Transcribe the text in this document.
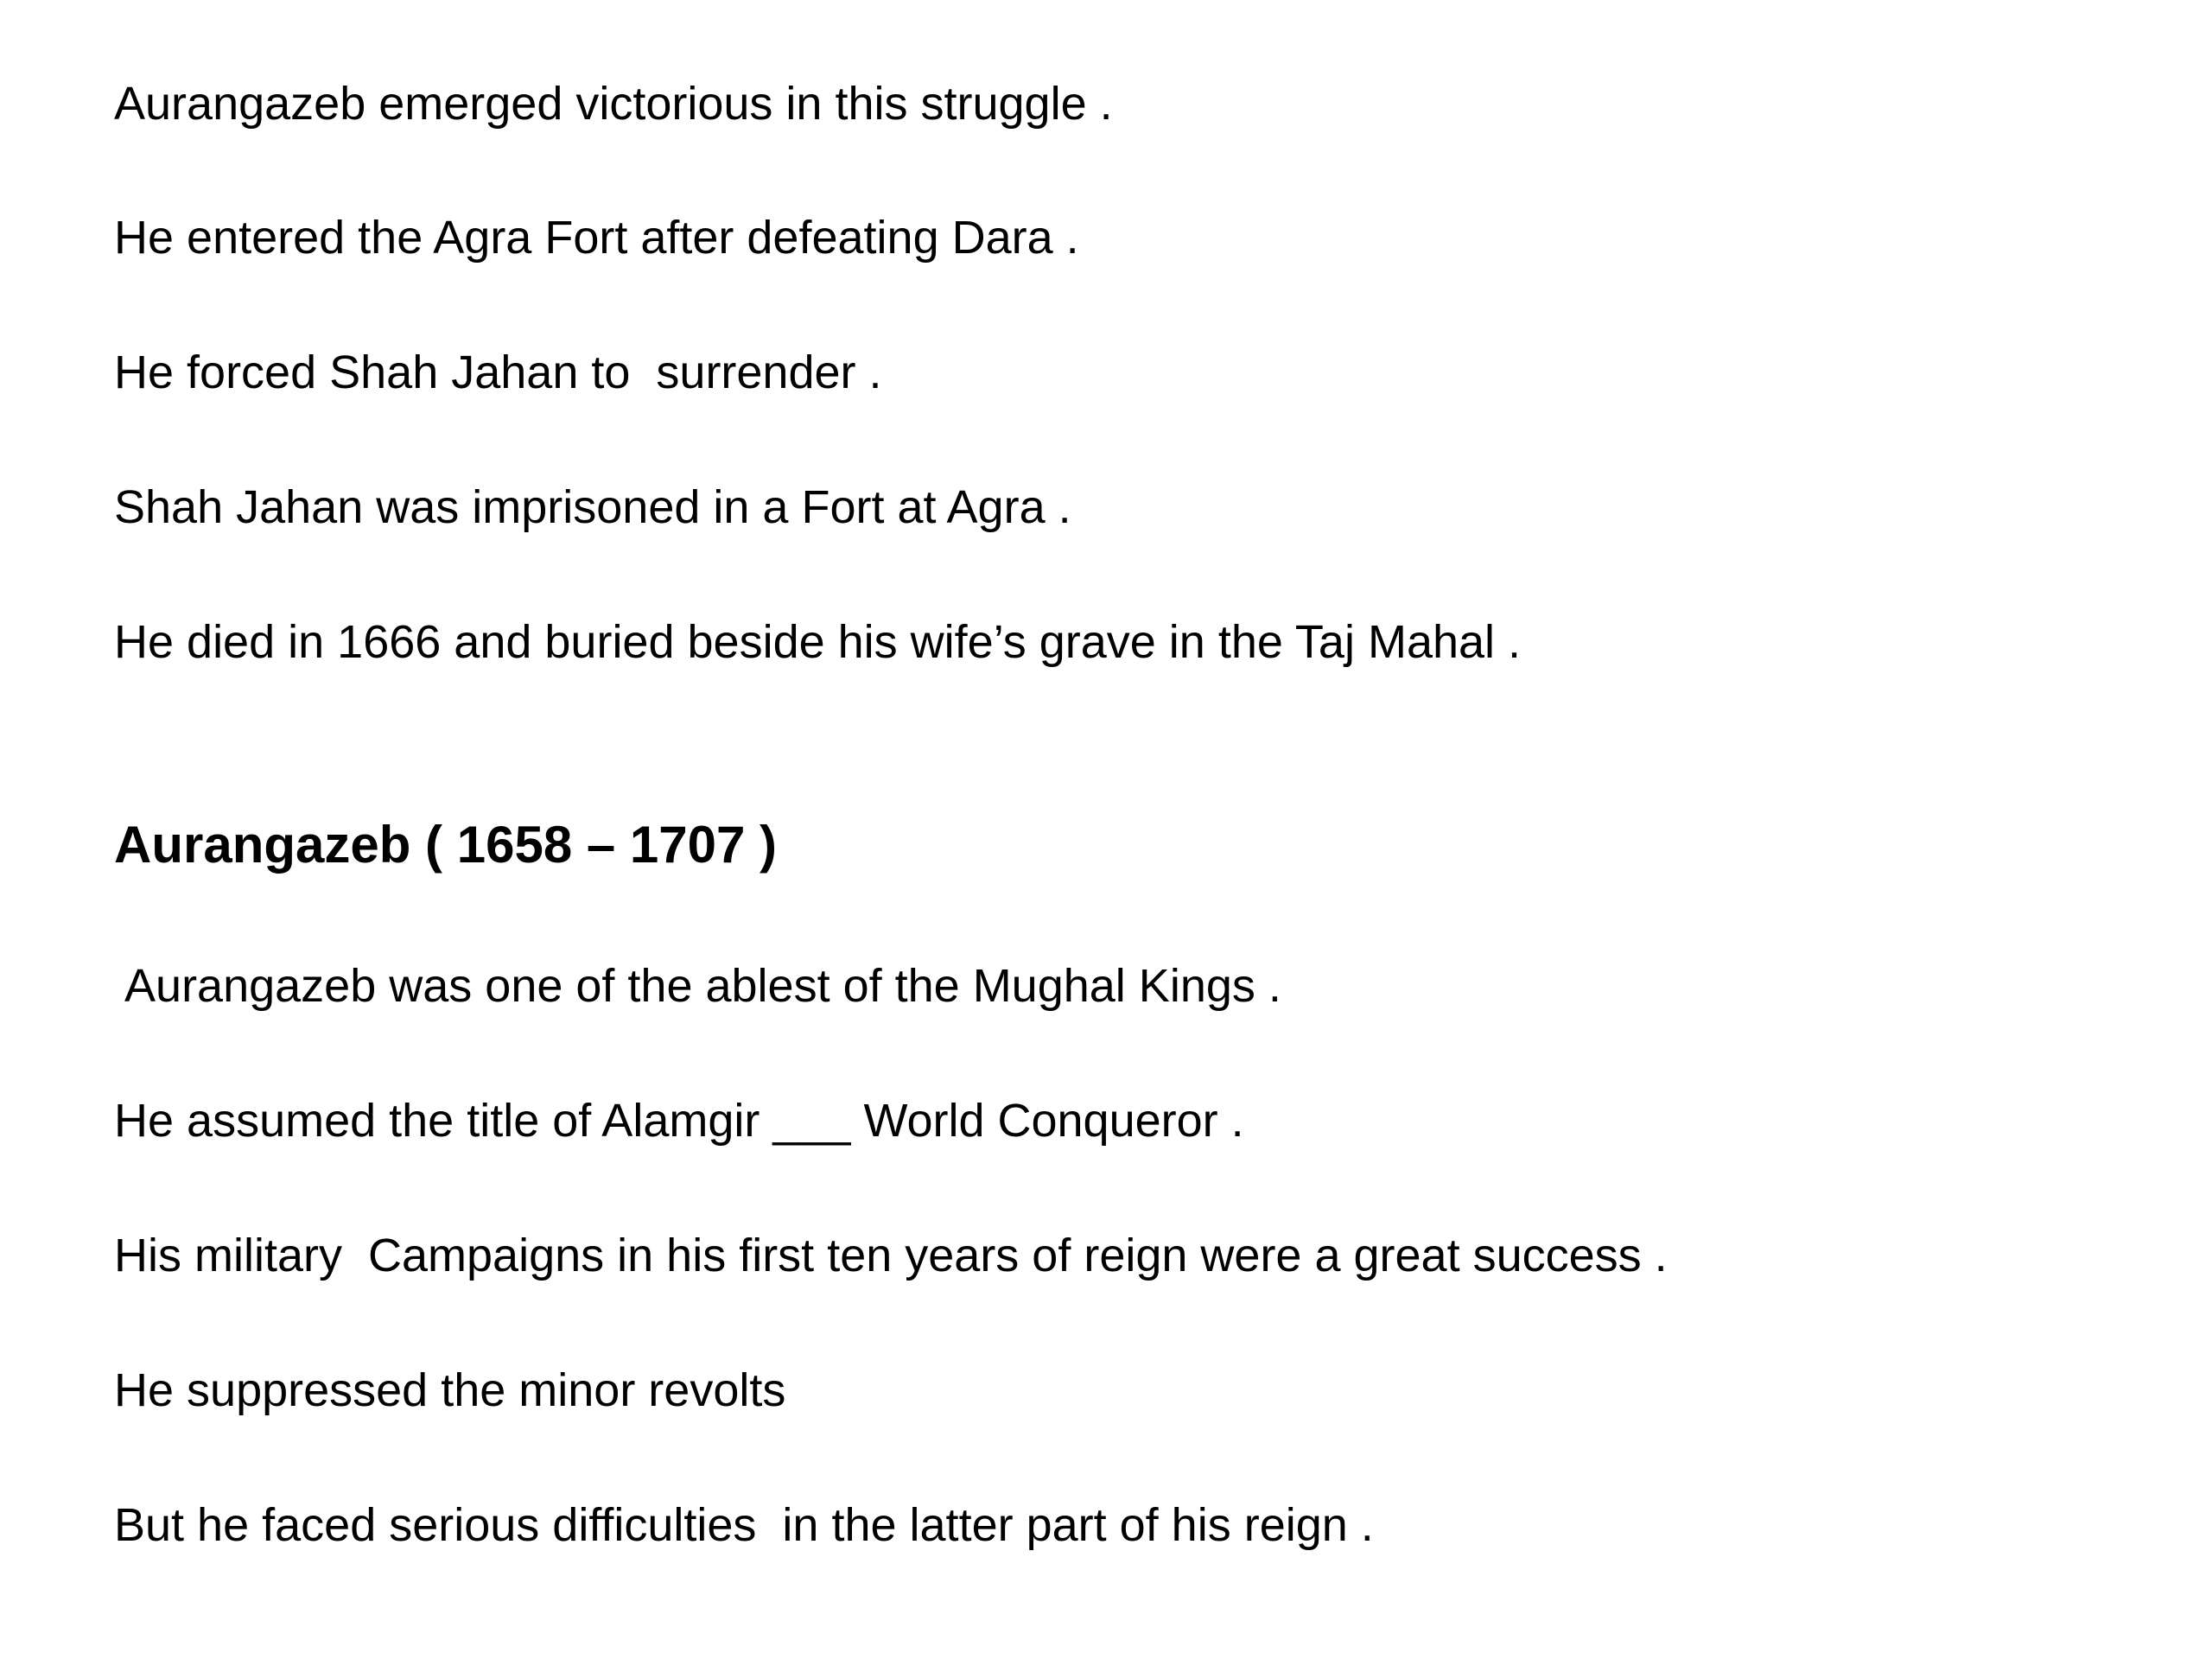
Aurangazeb emerged victorious in this struggle .

He entered the Agra Fort after defeating Dara .

He forced Shah Jahan to  surrender .

Shah Jahan was imprisoned in a Fort at Agra .

He died in 1666 and buried beside his wife’s grave in the Taj Mahal .

Aurangazeb ( 1658 – 1707 )

Aurangazeb was one of the ablest of the Mughal Kings .

He assumed the title of Alamgir ___ World Conqueror .

His military  Campaigns in his first ten years of reign were a great success .

He suppressed the minor revolts

But he faced serious difficulties  in the latter part of his reign .
